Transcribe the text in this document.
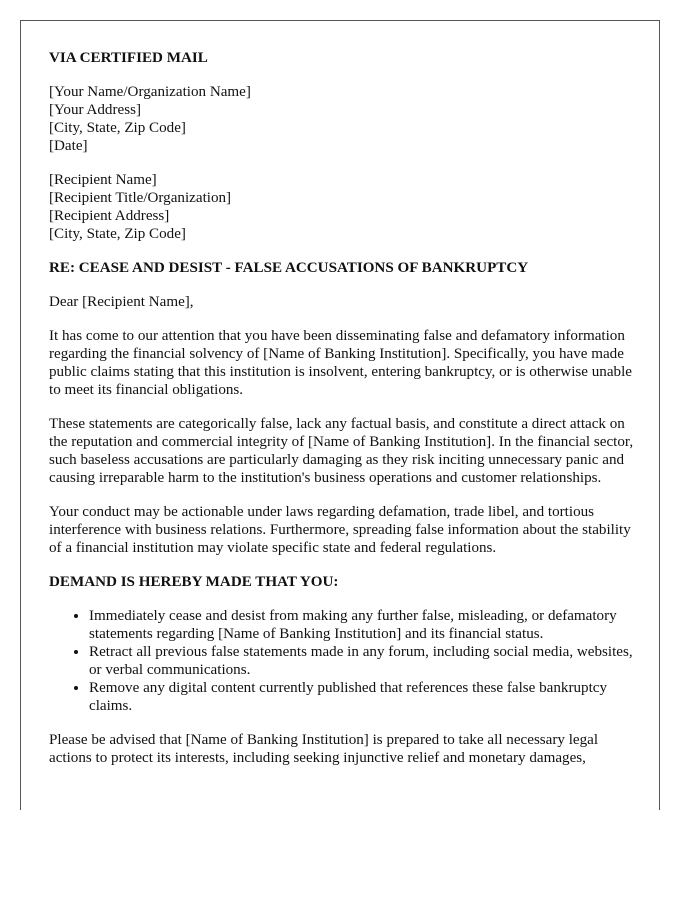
VIA CERTIFIED MAIL
[Your Name/Organization Name]
[Your Address]
[City, State, Zip Code]
[Date]
[Recipient Name]
[Recipient Title/Organization]
[Recipient Address]
[City, State, Zip Code]
RE: CEASE AND DESIST - FALSE ACCUSATIONS OF BANKRUPTCY

Dear [Recipient Name],

It has come to our attention that you have been disseminating false and defamatory information regarding the financial solvency of [Name of Banking Institution]. Specifically, you have made public claims stating that this institution is insolvent, entering bankruptcy, or is otherwise unable to meet its financial obligations.

These statements are categorically false, lack any factual basis, and constitute a direct attack on the reputation and commercial integrity of [Name of Banking Institution]. In the financial sector, such baseless accusations are particularly damaging as they risk inciting unnecessary panic and causing irreparable harm to the institution's business operations and customer relationships.

Your conduct may be actionable under laws regarding defamation, trade libel, and tortious interference with business relations. Furthermore, spreading false information about the stability of a financial institution may violate specific state and federal regulations.

DEMAND IS HEREBY MADE THAT YOU:
• Immediately cease and desist from making any further false, misleading, or defamatory statements regarding [Name of Banking Institution] and its financial status.
• Retract all previous false statements made in any forum, including social media, websites, or verbal communications.
• Remove any digital content currently published that references these false bankruptcy claims.

Please be advised that [Name of Banking Institution] is prepared to take all necessary legal actions to protect its interests, including seeking injunctive relief and monetary damages,
